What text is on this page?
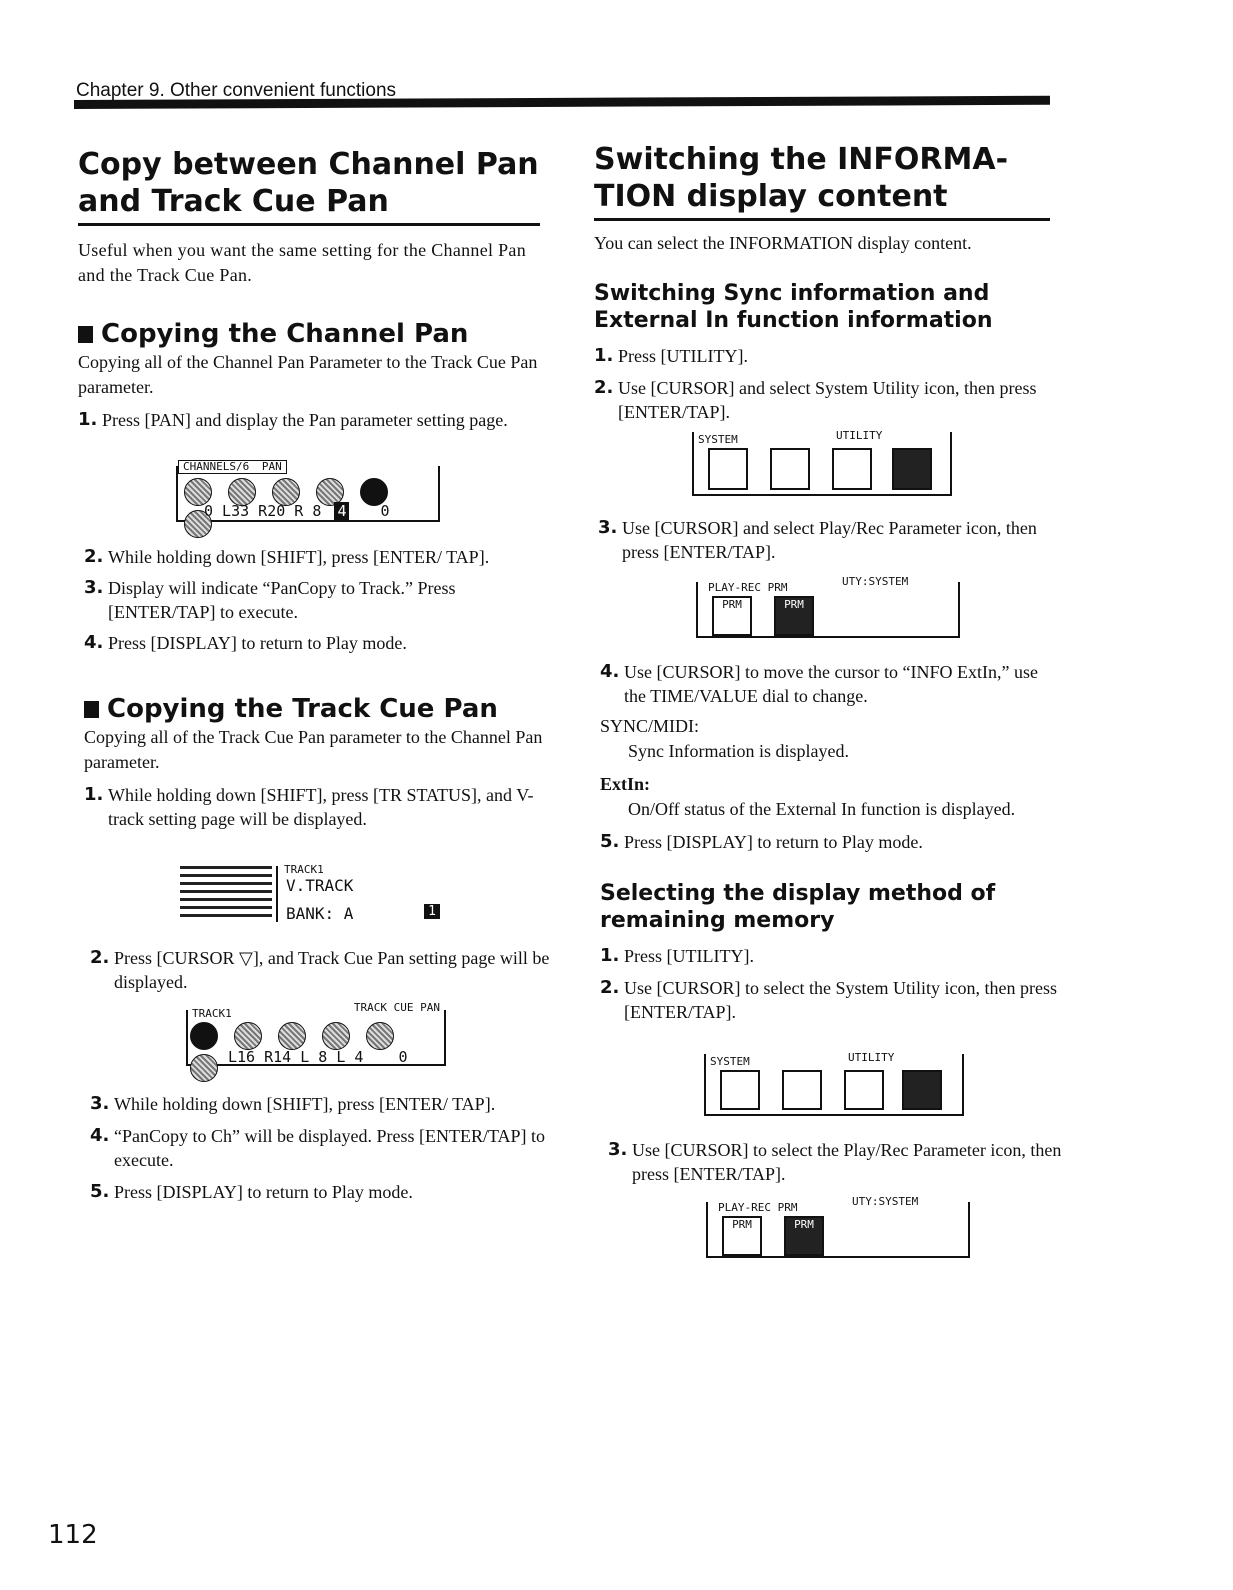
Chapter 9. Other convenient functions
Copy between Channel Pan
and Track Cue Pan

Useful when you want the same setting for the Channel Pan and the Track Cue Pan.

Copying the Channel Pan

Copying all of the Channel Pan Parameter to the Track Cue Pan parameter.

1. Press [PAN] and display the Pan parameter setting page.
CHANNELS/6 PAN
0 L33 R20 R 8 4 0
2. While holding down [SHIFT], press [ENTER/ TAP].
3. Display will indicate “PanCopy to Track.” Press [ENTER/TAP] to execute.
4. Press [DISPLAY] to return to Play mode.
Copying the Track Cue Pan

Copying all of the Track Cue Pan parameter to the Channel Pan parameter.

1. While holding down [SHIFT], press [TR STATUS], and V-track setting page will be displayed.
TRACK1
V.TRACK
BANK: A	1
2. Press [CURSOR ▽], and Track Cue Pan setting page will be displayed.
TRACK1	TRACK CUE PAN
L16 R14 L 8 L 4 0
3. While holding down [SHIFT], press [ENTER/ TAP].
4. “PanCopy to Ch” will be displayed. Press [ENTER/TAP] to execute.
5. Press [DISPLAY] to return to Play mode.
Switching the INFORMA-
TION display content

You can select the INFORMATION display content.

Switching Sync information and
External In function information
1. Press [UTILITY].
2. Use [CURSOR] and select System Utility icon, then press [ENTER/TAP].
SYSTEM	UTILITY
3. Use [CURSOR] and select Play/Rec Parameter icon, then press [ENTER/TAP].
PLAY-REC PRM	UTY:SYSTEM
PRM	PRM
4. Use [CURSOR] to move the cursor to “INFO ExtIn,” use the TIME/VALUE dial to change.

SYNC/MIDI:

Sync Information is displayed.

ExtIn:

On/Off status of the External In function is displayed.

5. Press [DISPLAY] to return to Play mode.
Selecting the display method of
remaining memory
1. Press [UTILITY].
2. Use [CURSOR] to select the System Utility icon, then press [ENTER/TAP].
SYSTEM	UTILITY
3. Use [CURSOR] to select the Play/Rec Parameter icon, then press [ENTER/TAP].
PLAY-REC PRM	UTY:SYSTEM
PRM	PRM
112
